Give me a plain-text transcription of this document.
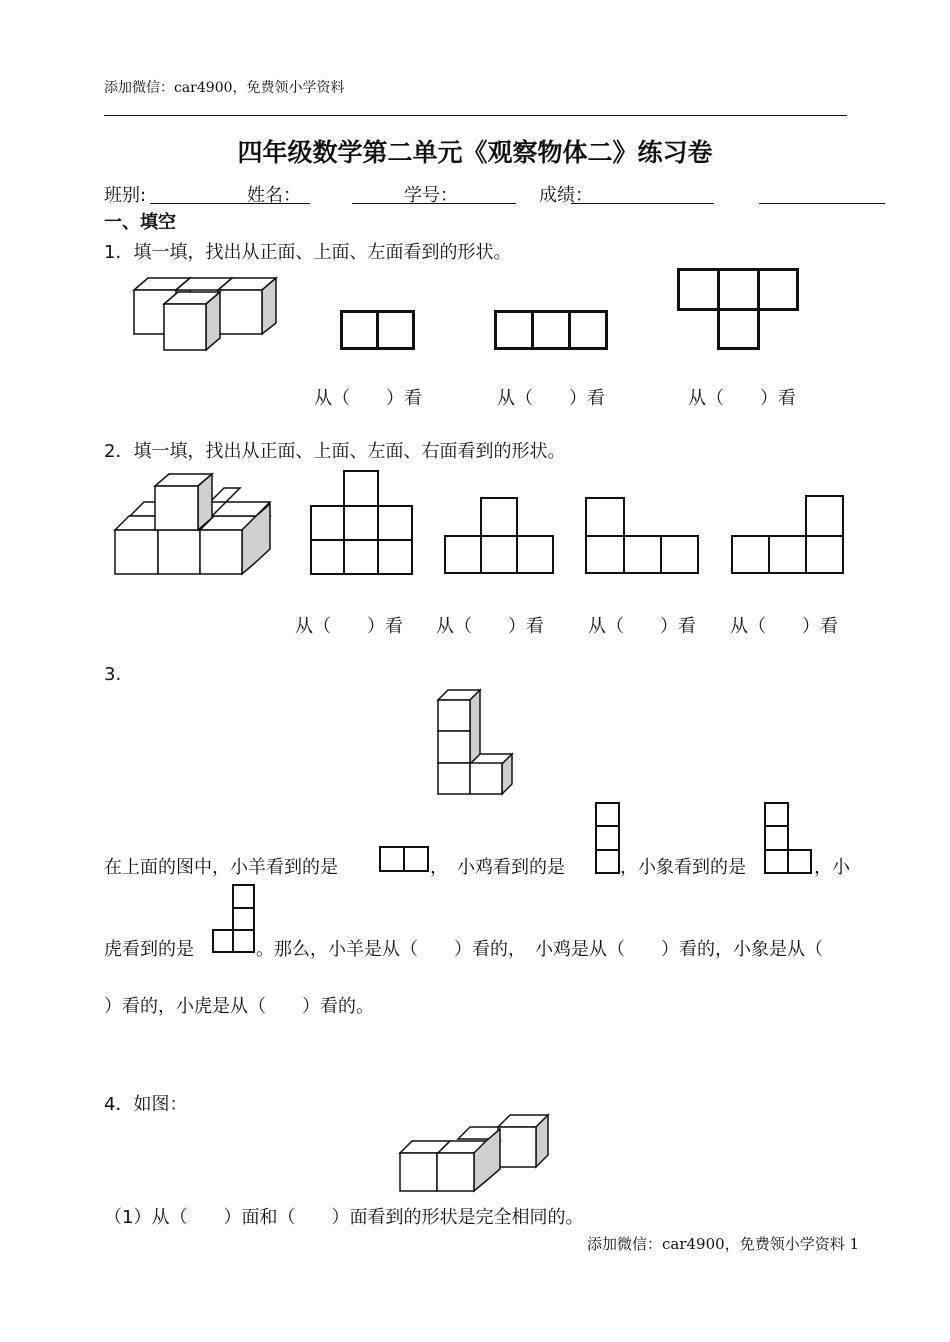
添加微信：car4900，免费领小学资料
四年级数学第二单元《观察物体二》练习卷
班别:	姓名：	学号：	成绩：
一、填空
1．填一填，找出从正面、上面、左面看到的形状。
从（　　）看	从（　　）看	从（　　）看
2．填一填，找出从正面、上面、左面、右面看到的形状。
从（　　）看 从（　　）看 从（　　）看 从（　　）看
3.
在上面的图中，小羊看到的是	，　小鸡看到的是	，小象看到的是	，小
虎看到的是	。那么，小羊是从（　　）看的，　小鸡是从（　　）看的，小象是从（
）看的，小虎是从（　　）看的。
4．如图：
（1）从（　　）面和（　　）面看到的形状是完全相同的。
添加微信：car4900，免费领小学资料 1
